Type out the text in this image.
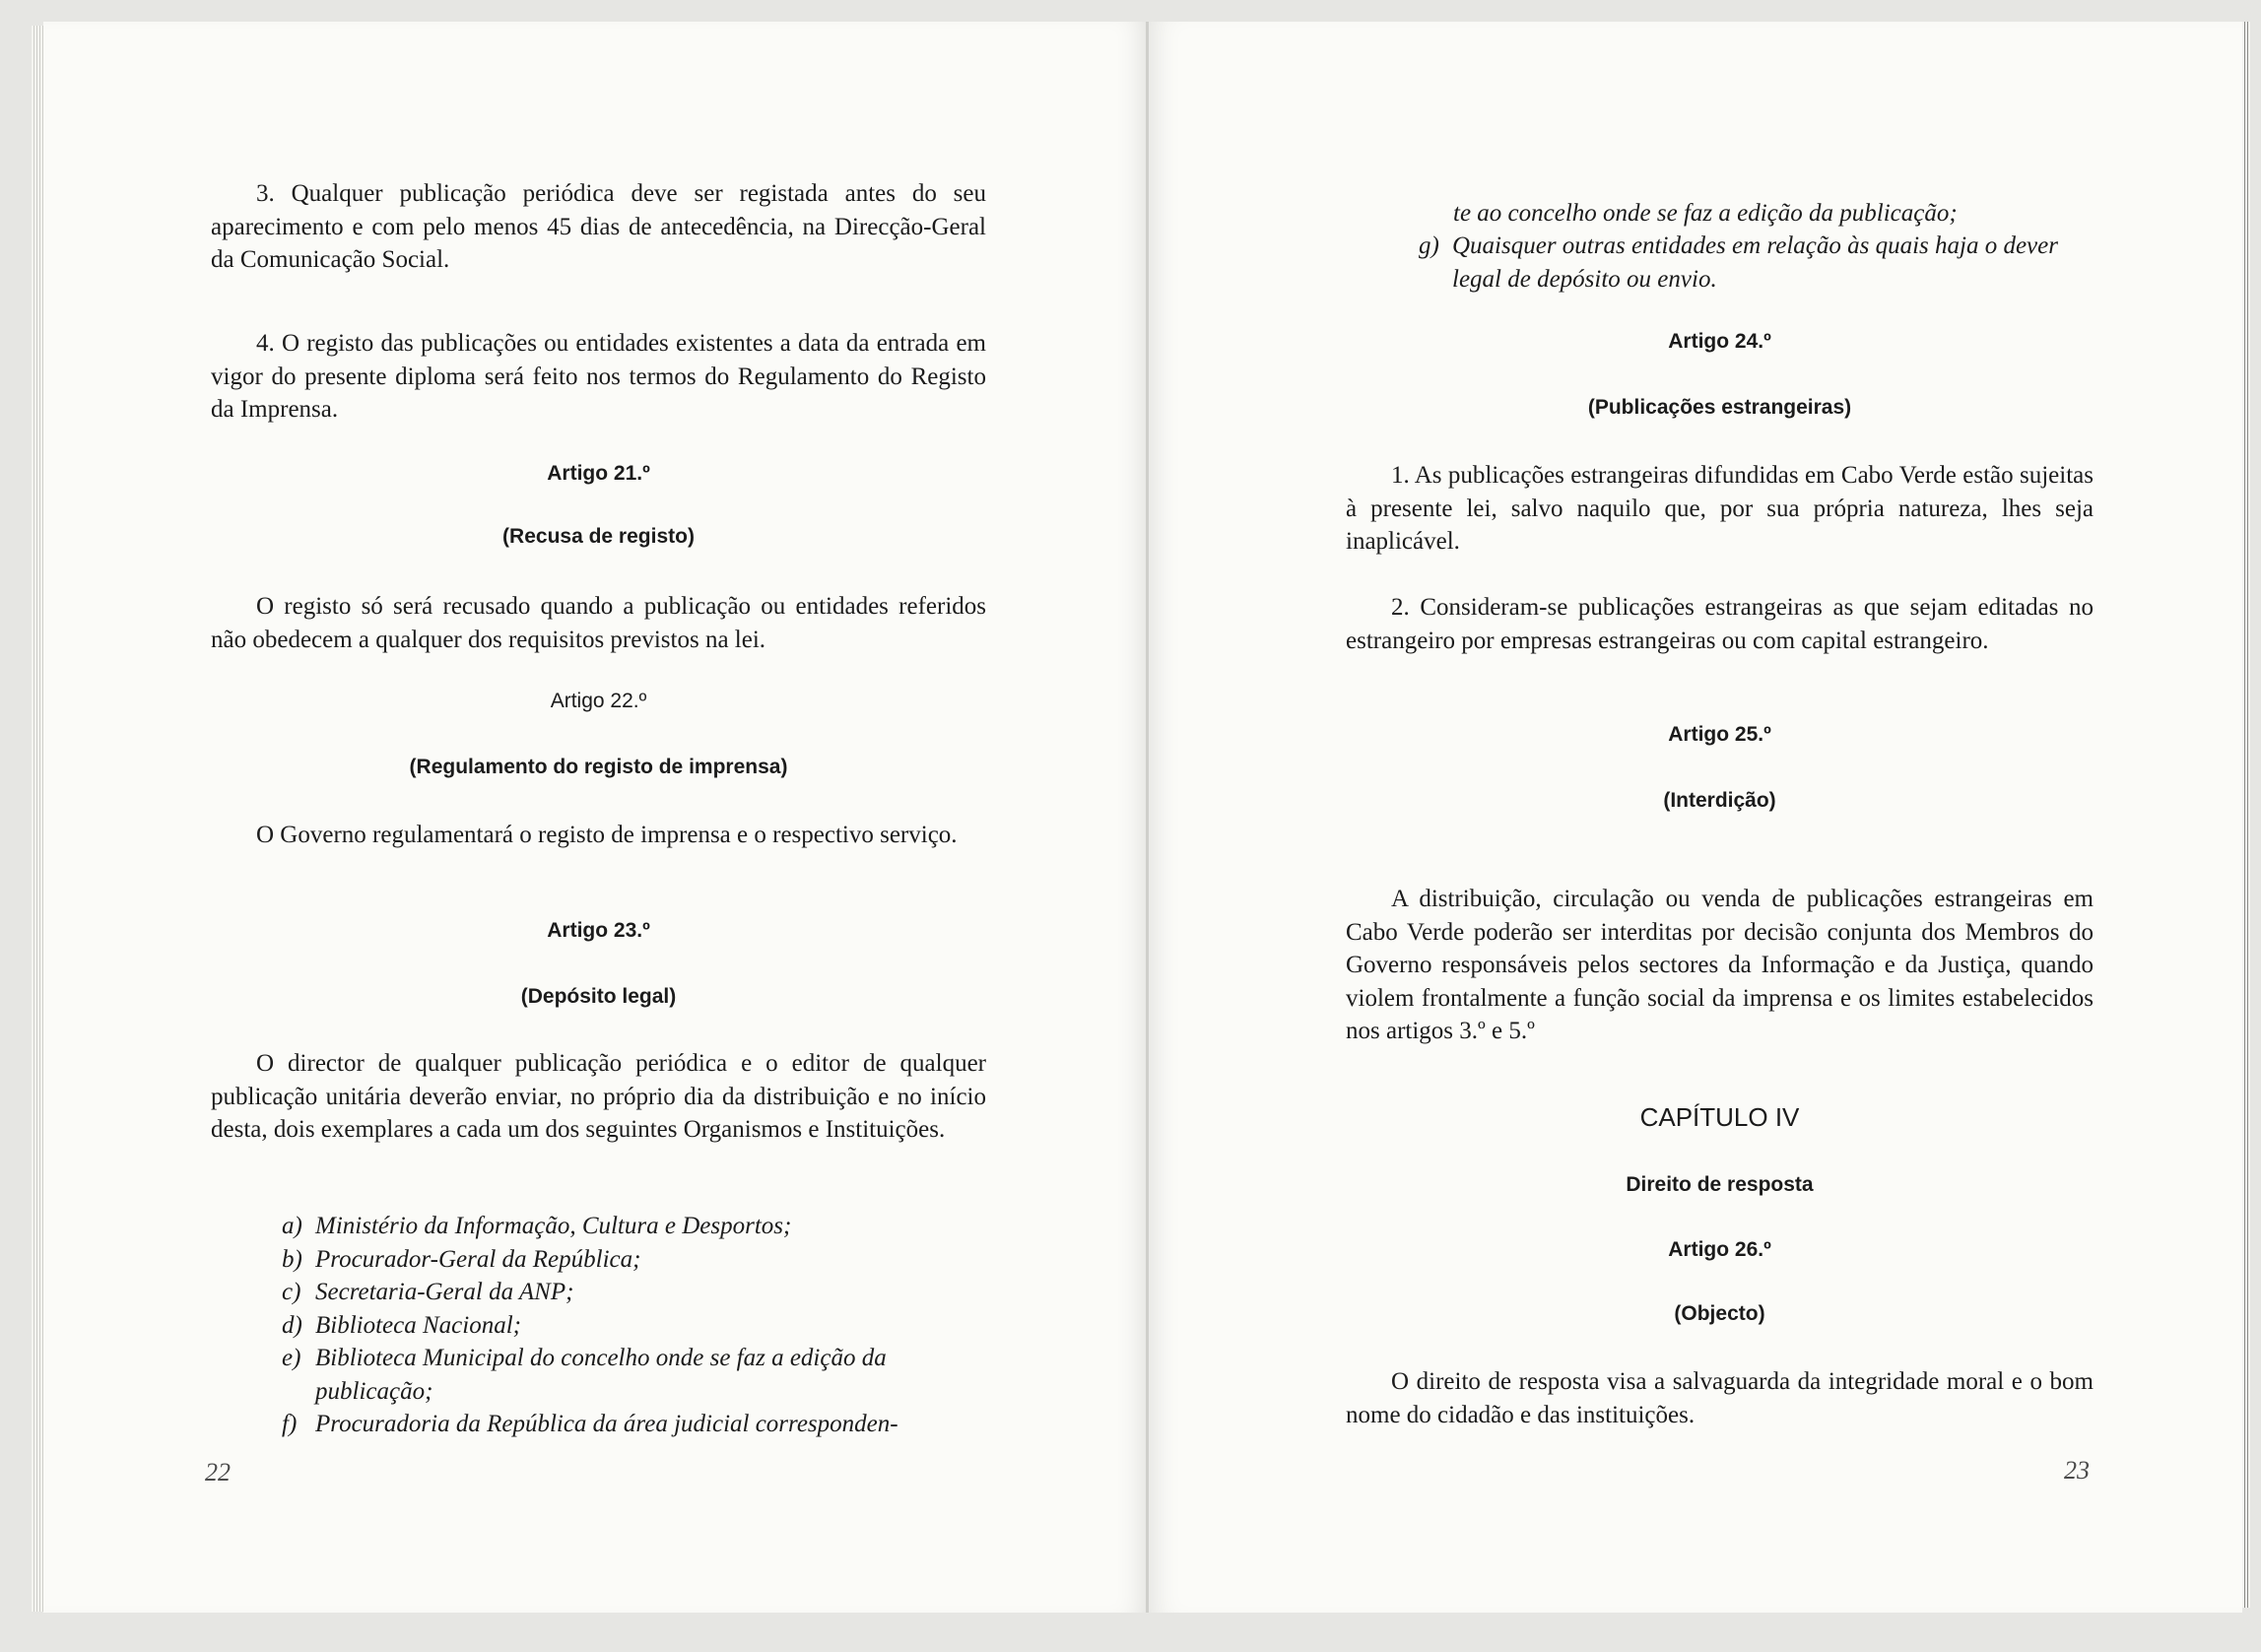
3. Qualquer publicação periódica deve ser registada antes do seu aparecimento e com pelo menos 45 dias de antecedência, na Direcção-Geral da Comunicação Social.

4. O registo das publicações ou entidades existentes a data da entrada em vigor do presente diploma será feito nos termos do Regulamento do Registo da Imprensa.

Artigo 21.º
(Recusa de registo)

O registo só será recusado quando a publicação ou entidades referidos não obedecem a qualquer dos requisitos previstos na lei.

Artigo 22.º
(Regulamento do registo de imprensa)

O Governo regulamentará o registo de imprensa e o respectivo serviço.

Artigo 23.º
(Depósito legal)

O director de qualquer publicação periódica e o editor de qualquer publicação unitária deverão enviar, no próprio dia da distribuição e no início desta, dois exemplares a cada um dos seguintes Organismos e Instituições.

a) Ministério da Informação, Cultura e Desportos;
b) Procurador-Geral da República;
c) Secretaria-Geral da ANP;
d) Biblioteca Nacional;
e) Biblioteca Municipal do concelho onde se faz a edição da publicação;
f) Procuradoria da República da área judicial corresponden-
22

te ao concelho onde se faz a edição da publicação;

g) Quaisquer outras entidades em relação às quais haja o dever legal de depósito ou envio.
Artigo 24.º
(Publicações estrangeiras)

1. As publicações estrangeiras difundidas em Cabo Verde estão sujeitas à presente lei, salvo naquilo que, por sua própria natureza, lhes seja inaplicável.

2. Consideram-se publicações estrangeiras as que sejam editadas no estrangeiro por empresas estrangeiras ou com capital estrangeiro.

Artigo 25.º
(Interdição)

A distribuição, circulação ou venda de publicações estrangeiras em Cabo Verde poderão ser interditas por decisão conjunta dos Membros do Governo responsáveis pelos sectores da Informação e da Justiça, quando violem frontalmente a função social da imprensa e os limites estabelecidos nos artigos 3.º e 5.º

CAPÍTULO IV
Direito de resposta
Artigo 26.º
(Objecto)

O direito de resposta visa a salvaguarda da integridade moral e o bom nome do cidadão e das instituições.

23
